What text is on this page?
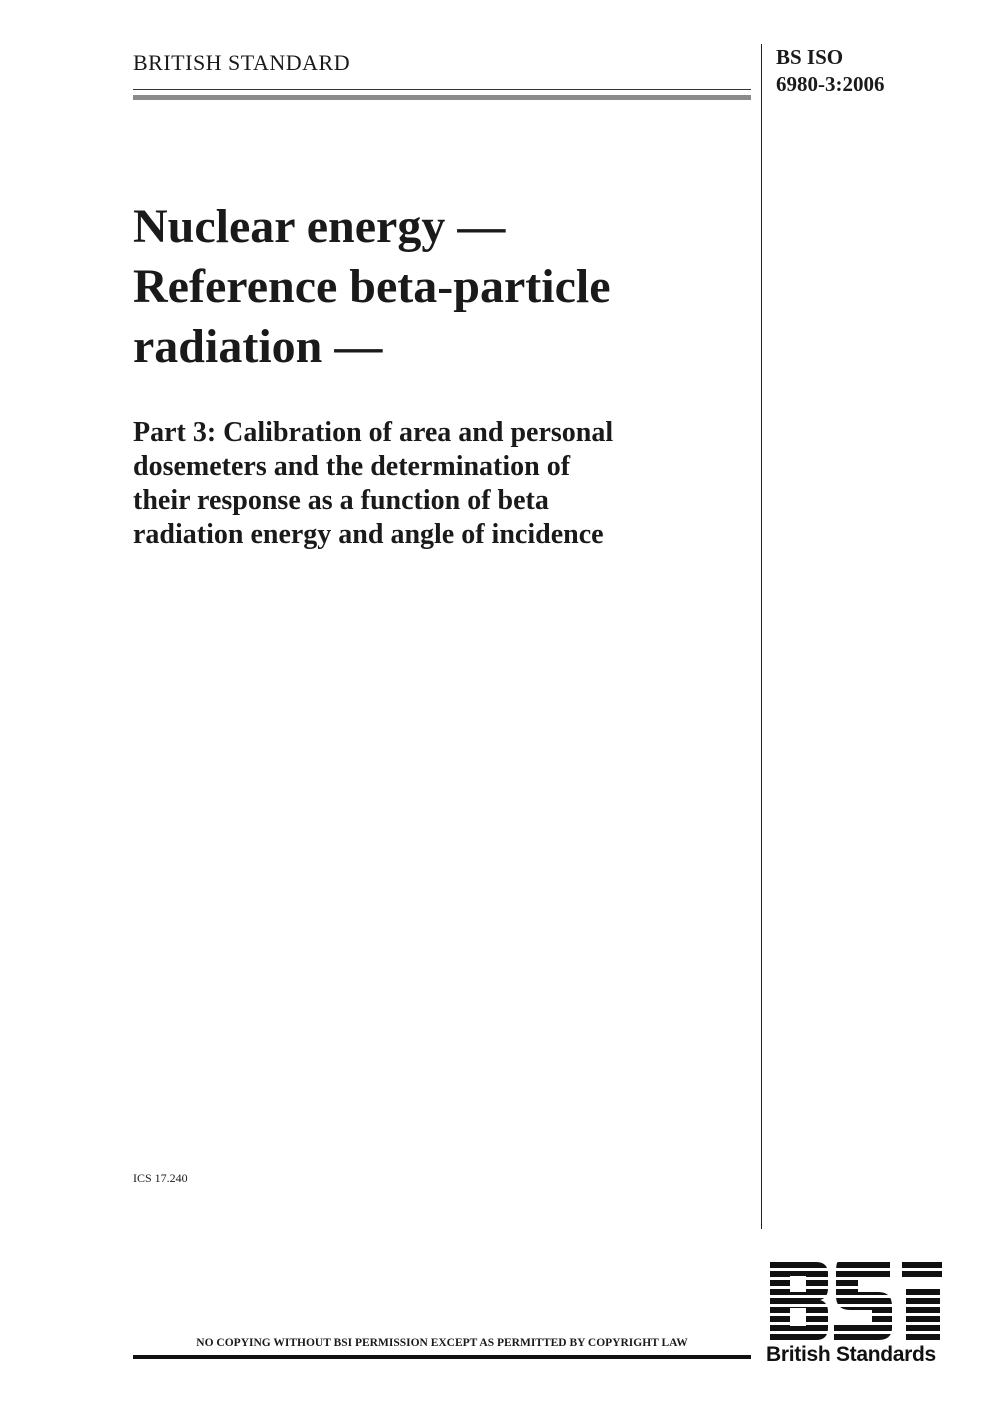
BRITISH STANDARD	BS ISO
6980-3:2006
Nuclear energy —
Reference beta-particle
radiation —
Part 3: Calibration of area and personal
dosemeters and the determination of
their response as a function of beta
radiation energy and angle of incidence
ICS 17.240
NO COPYING WITHOUT BSI PERMISSION EXCEPT AS PERMITTED BY COPYRIGHT LAW	British Standards
